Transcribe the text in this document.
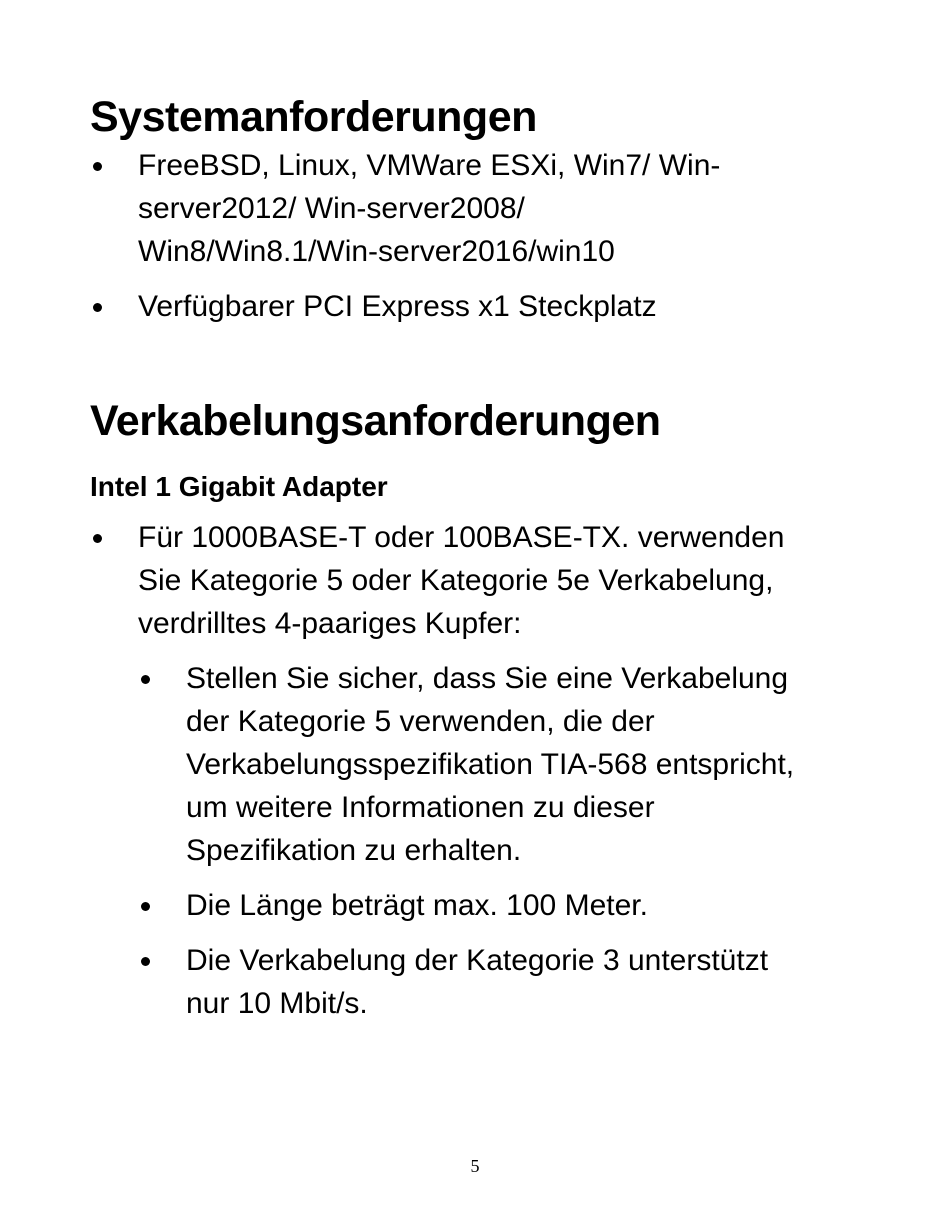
Systemanforderungen
FreeBSD, Linux, VMWare ESXi, Win7/ Win-server2012/ Win-server2008/ Win8/Win8.1/Win-server2016/win10
Verfügbarer PCI Express x1 Steckplatz
Verkabelungsanforderungen
Intel 1 Gigabit Adapter
Für 1000BASE-T oder 100BASE-TX. verwenden Sie Kategorie 5 oder Kategorie 5e Verkabelung, verdrilltes 4-paariges Kupfer:
Stellen Sie sicher, dass Sie eine Verkabelung der Kategorie 5 verwenden, die der Verkabelungsspezifikation TIA-568 entspricht, um weitere Informationen zu dieser Spezifikation zu erhalten.
Die Länge beträgt max. 100 Meter.
Die Verkabelung der Kategorie 3 unterstützt nur 10 Mbit/s.
5
